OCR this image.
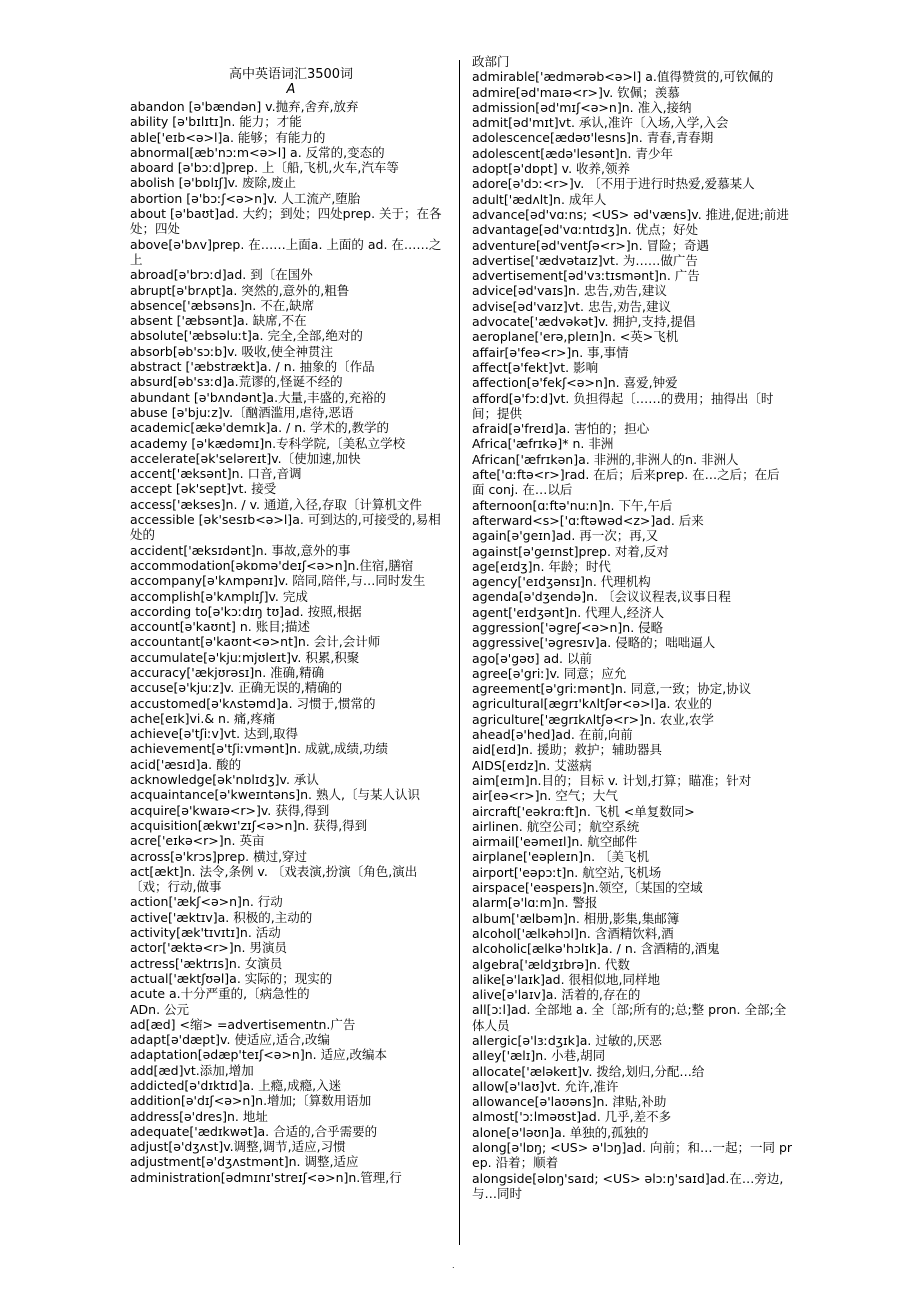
高中英语词汇3500词
A
abandon [ə'bændən] v.抛弃,舍弃,放弃
ability [ə'bɪlɪtɪ]n. 能力；才能
able['eɪb<ə>l]a. 能够；有能力的
abnormal[æb'nɔːm<ə>l] a. 反常的,变态的
aboard [ə'bɔːd]prep. 上〔船,飞机,火车,汽车等
abolish [ə'bɒlɪʃ]v. 废除,废止
abortion [ə'bɔːʃ<ə>n]v. 人工流产,堕胎
about [ə'baʊt]ad. 大约；到处；四处prep. 关于；在各处；四处
above[ə'bʌv]prep. 在……上面a. 上面的 ad. 在……之上
abroad[ə'brɔːd]ad. 到〔在国外
abrupt[ə'brʌpt]a. 突然的,意外的,粗鲁
absence['æbsəns]n. 不在,缺席
absent ['æbsənt]a. 缺席,不在
absolute['æbsəluːt]a. 完全,全部,绝对的
absorb[əb'sɔːb]v. 吸收,使全神贯注
abstract ['æbstrækt]a. / n. 抽象的〔作品
absurd[əb'sɜːd]a.荒谬的,怪诞不经的
abundant [ə'bʌndənt]a.大量,丰盛的,充裕的
abuse [ə'bjuːz]v.〔酗酒滥用,虐待,恶语
academic[ækə'demɪk]a. / n. 学术的,教学的
academy [ə'kædəmɪ]n.专科学院,〔美私立学校
accelerate[ək'seləreɪt]v.〔使加速,加快
accent['æksənt]n. 口音,音调
accept [ək'sept]vt. 接受
access['ækses]n. / v. 通道,入径,存取〔计算机文件
accessible [ək'sesɪb<ə>l]a. 可到达的,可接受的,易相处的
accident['æksɪdənt]n. 事故,意外的事
accommodation[əkɒmə'deɪʃ<ə>n]n.住宿,膳宿
accompany[ə'kʌmpənɪ]v. 陪同,陪伴,与…同时发生
accomplish[ə'kʌmplɪʃ]v. 完成
according to[ə'kɔːdɪŋ tʊ]ad. 按照,根据
account[ə'kaʊnt] n. 账目;描述
accountant[ə'kaʊnt<ə>nt]n. 会计,会计师
accumulate[ə'kjuːmjʊleɪt]v. 积累,积聚
accuracy['ækjʊrəsɪ]n. 准确,精确
accuse[ə'kjuːz]v. 正确无误的,精确的
accustomed[ə'kʌstəmd]a. 习惯于,惯常的
ache[eɪk]vi.& n. 痛,疼痛
achieve[ə'tʃiːv]vt. 达到,取得
achievement[ə'tʃiːvmənt]n. 成就,成绩,功绩
acid['æsɪd]a. 酸的
acknowledge[ək'nɒlɪdʒ]v. 承认
acquaintance[ə'kweɪntəns]n. 熟人,〔与某人认识
acquire[ə'kwaɪə<r>]v. 获得,得到
acquisition[ækwɪ'zɪʃ<ə>n]n. 获得,得到
acre['eɪkə<r>]n. 英亩
across[ə'krɔs]prep. 横过,穿过
act[ækt]n. 法令,条例 v. 〔戏表演,扮演〔角色,演出〔戏；行动,做事
action['ækʃ<ə>n]n. 行动
active['æktɪv]a. 积极的,主动的
activity[æk'tɪvɪtɪ]n. 活动
actor['æktə<r>]n. 男演员
actress['æktrɪs]n. 女演员
actual['æktʃʊəl]a. 实际的；现实的
acute a.十分严重的,〔病急性的
ADn. 公元
ad[æd] <缩> =advertisementn.广告
adapt[ə'dæpt]v. 使适应,适合,改编
adaptation[ədæp'teɪʃ<ə>n]n. 适应,改编本
add[æd]vt.添加,增加
addicted[ə'dɪktɪd]a. 上瘾,成瘾,入迷
addition[ə'dɪʃ<ə>n]n.增加;〔算数用语加
address[ə'dres]n. 地址
adequate['ædɪkwət]a. 合适的,合乎需要的
adjust[ə'dʒʌst]v.调整,调节,适应,习惯
adjustment[ə'dʒʌstmənt]n. 调整,适应
administration[ədmɪnɪ'streɪʃ<ə>n]n.管理,行
政部门
admirable['ædmərəb<ə>l] a.值得赞赏的,可钦佩的
admire[əd'maɪə<r>]v. 钦佩；羡慕
admission[əd'mɪʃ<ə>n]n. 准入,接纳
admit[əd'mɪt]vt. 承认,准许〔入场,入学,入会
adolescence[ædəʊ'lesns]n. 青春,青春期
adolescent[ædə'lesənt]n. 青少年
adopt[ə'dɒpt] v. 收养,领养
adore[ə'dɔː<r>]v. 〔不用于进行时热爱,爱慕某人
adult['ædʌlt]n. 成年人
advance[əd'vɑːns; <US> əd'væns]v. 推进,促进;前进
advantage[əd'vɑːntɪdʒ]n. 优点；好处
adventure[əd'ventʃə<r>]n. 冒险；奇遇
advertise['ædvətaɪz]vt. 为……做广告
advertisement[əd'vɜːtɪsmənt]n. 广告
advice[əd'vaɪs]n. 忠告,劝告,建议
advise[əd'vaɪz]vt. 忠告,劝告,建议
advocate['ædvəkət]v. 拥护,支持,提倡
aeroplane['erə,pleɪn]n. <英>飞机
affair[ə'feə<r>]n. 事,事情
affect[ə'fekt]vt. 影响
affection[ə'fekʃ<ə>n]n. 喜爱,钟爱
afford[ə'fɔːd]vt. 负担得起〔……的费用；抽得出〔时间；提供
afraid[ə'freɪd]a. 害怕的；担心
Africa['æfrɪkə]* n. 非洲
African['æfrɪkən]a. 非洲的,非洲人的n. 非洲人
afte['ɑːftə<r>]rad. 在后；后来prep. 在…之后；在后面 conj. 在…以后
afternoon[ɑːftə'nuːn]n. 下午,午后
afterward<s>['ɑːftəwəd<z>]ad. 后来
again[ə'geɪn]ad. 再一次；再,又
against[ə'geɪnst]prep. 对着,反对
age[eɪdʒ]n. 年龄；时代
agency['eɪdʒənsɪ]n. 代理机构
agenda[ə'dʒendə]n. 〔会议议程表,议事日程
agent['eɪdʒənt]n. 代理人,经济人
aggression['əgreʃ<ə>n]n. 侵略
aggressive['əgresɪv]a. 侵略的；咄咄逼人
ago[ə'gəʊ] ad. 以前
agree[ə'griː]v. 同意；应允
agreement[ə'griːmənt]n. 同意,一致；协定,协议
agricultural[ægrɪ'kʌltʃər<ə>l]a. 农业的
agriculture['ægrɪkʌltʃə<r>]n. 农业,农学
ahead[ə'hed]ad. 在前,向前
aid[eɪd]n. 援助；救护；辅助器具
AIDS[eɪdz]n. 艾滋病
aim[eɪm]n.目的；目标 v. 计划,打算；瞄准；针对
air[eə<r>]n. 空气；大气
aircraft['eəkrɑːft]n. 飞机 <单复数同>
airlinen. 航空公司；航空系统
airmail['eəmeɪl]n. 航空邮件
airplane['eəpleɪn]n. 〔美飞机
airport['eəpɔːt]n. 航空站,飞机场
airspace['eəspeɪs]n.领空,〔某国的空域
alarm[ə'lɑːm]n. 警报
album['ælbəm]n. 相册,影集,集邮簿
alcohol['ælkəhɔl]n. 含酒精饮料,酒
alcoholic[ælkə'hɔlɪk]a. / n. 含酒精的,酒鬼
algebra['ældʒɪbrə]n. 代数
alike[ə'laɪk]ad. 很相似地,同样地
alive[ə'laɪv]a. 活着的,存在的
all[ɔːl]ad. 全部地 a. 全〔部;所有的;总;整 pron. 全部;全体人员
allergic[ə'lɜːdʒɪk]a. 过敏的,厌恶
alley['ælɪ]n. 小巷,胡同
allocate['æləkeɪt]v. 拨给,划归,分配…给
allow[ə'laʊ]vt. 允许,准许
allowance[ə'laʊəns]n. 津贴,补助
almost['ɔːlməʊst]ad. 几乎,差不多
alone[ə'ləʊn]a. 单独的,孤独的
along[ə'lɒŋ; <US> ə'lɔŋ]ad. 向前；和…一起；一同 prep. 沿着；顺着
alongside[əlɒŋ'saɪd; <US> əlɔːŋ'saɪd]ad.在…旁边,与…同时
.
